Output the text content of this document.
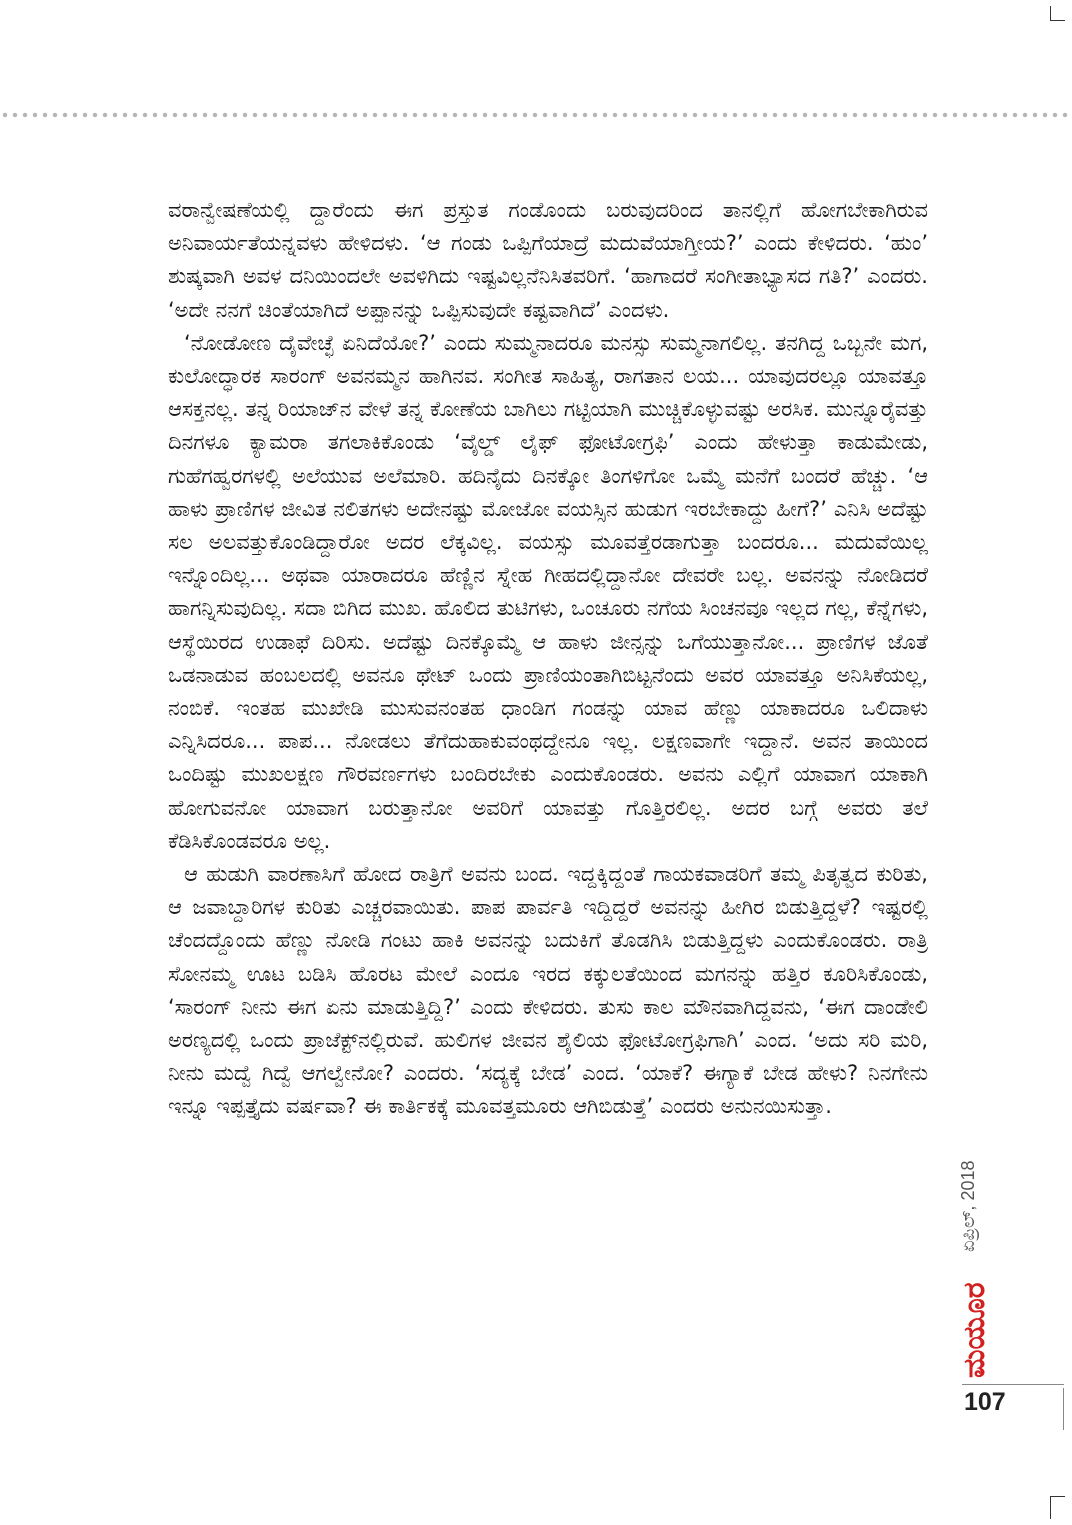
ವರಾನ್ವೇಷಣೆಯಲ್ಲಿ ದ್ದಾರೆಂದು ಈಗ ಪ್ರಸ್ತುತ ಗಂಡೊಂದು ಬರುವುದರಿಂದ ತಾನಲ್ಲಿಗೆ ಹೋಗಬೇಕಾಗಿರುವ ಅನಿವಾರ್ಯತೆಯನ್ನವಳು ಹೇಳಿದಳು. ‘ಆ ಗಂಡು ಒಪ್ಪಿಗೆಯಾದ್ರೆ ಮದುವೆಯಾಗ್ತೀಯ?’ ಎಂದು ಕೇಳಿದರು. ‘ಹುಂ’ ಶುಷ್ಕವಾಗಿ ಅವಳ ದನಿಯಿಂದಲೇ ಅವಳಿಗಿದು ಇಷ್ಟವಿಲ್ಲನೆನಿಸಿತವರಿಗೆ. ‘ಹಾಗಾದರೆ ಸಂಗೀತಾಭ್ಯಾಸದ ಗತಿ?’ ಎಂದರು. ‘ಅದೇ ನನಗೆ ಚಿಂತೆಯಾಗಿದೆ ಅಪ್ಪಾನನ್ನು ಒಪ್ಪಿಸುವುದೇ ಕಷ್ಟವಾಗಿದೆ’ ಎಂದಳು.

‘ನೋಡೋಣ ದೈವೇಚ್ಛೆ ಏನಿದೆಯೋ?’ ಎಂದು ಸುಮ್ಮನಾದರೂ ಮನಸ್ಸು ಸುಮ್ಮನಾಗಲಿಲ್ಲ. ತನಗಿದ್ದ ಒಬ್ಬನೇ ಮಗ, ಕುಲೋದ್ಧಾರಕ ಸಾರಂಗ್ ಅವನಮ್ಮನ ಹಾಗಿನವ. ಸಂಗೀತ ಸಾಹಿತ್ಯ, ರಾಗತಾನ ಲಯ... ಯಾವುದರಲ್ಲೂ ಯಾವತ್ತೂ ಆಸಕ್ತನಲ್ಲ. ತನ್ನ ರಿಯಾಜ್‌ನ ವೇಳೆ ತನ್ನ ಕೋಣೆಯ ಬಾಗಿಲು ಗಟ್ಟಿಯಾಗಿ ಮುಚ್ಚಿಕೊಳ್ಳುವಷ್ಟು ಅರಸಿಕ. ಮುನ್ನೂರೈವತ್ತು ದಿನಗಳೂ ಕ್ಯಾಮರಾ ತಗಲಾಕಿಕೊಂಡು ‘ವೈಲ್ಡ್ ಲೈಫ್ ಫೋಟೋಗ್ರಫಿ’ ಎಂದು ಹೇಳುತ್ತಾ ಕಾಡುಮೇಡು, ಗುಹೆಗಹ್ವರಗಳಲ್ಲಿ ಅಲೆಯುವ ಅಲೆಮಾರಿ. ಹದಿನೈದು ದಿನಕ್ಕೋ ತಿಂಗಳಿಗೋ ಒಮ್ಮೆ ಮನೆಗೆ ಬಂದರೆ ಹೆಚ್ಚು. ‘ಆ ಹಾಳು ಪ್ರಾಣಿಗಳ ಜೀವಿತ ನಲಿತಗಳು ಅದೇನಷ್ಟು ಮೋಜೋ ವಯಸ್ಸಿನ ಹುಡುಗ ಇರಬೇಕಾದ್ದು ಹೀಗೆ?’ ಎನಿಸಿ ಅದೆಷ್ಟು ಸಲ ಅಲವತ್ತುಕೊಂಡಿದ್ದಾರೋ ಅದರ ಲೆಕ್ಕವಿಲ್ಲ. ವಯಸ್ಸು ಮೂವತ್ತೆರಡಾಗುತ್ತಾ ಬಂದರೂ... ಮದುವೆಯಿಲ್ಲ ಇನ್ನೊಂದಿಲ್ಲ... ಅಥವಾ ಯಾರಾದರೂ ಹೆಣ್ಣಿನ ಸ್ನೇಹ ಗೀಹದಲ್ಲಿದ್ದಾನೋ ದೇವರೇ ಬಲ್ಲ. ಅವನನ್ನು ನೋಡಿದರೆ ಹಾಗನ್ನಿಸುವುದಿಲ್ಲ. ಸದಾ ಬಿಗಿದ ಮುಖ. ಹೊಲಿದ ತುಟಿಗಳು, ಒಂಚೂರು ನಗೆಯ ಸಿಂಚನವೂ ಇಲ್ಲದ ಗಲ್ಲ, ಕೆನ್ನೆಗಳು, ಆಸ್ಥೆಯಿರದ ಉಡಾಫೆ ದಿರಿಸು. ಅದೆಷ್ಟು ದಿನಕ್ಕೊಮ್ಮೆ ಆ ಹಾಳು ಜೀನ್ಸನ್ನು ಒಗೆಯುತ್ತಾನೋ... ಪ್ರಾಣಿಗಳ ಜೊತೆ ಒಡನಾಡುವ ಹಂಬಲದಲ್ಲಿ ಅವನೂ ಥೇಟ್ ಒಂದು ಪ್ರಾಣಿಯಂತಾಗಿಬಿಟ್ಟನೆಂದು ಅವರ ಯಾವತ್ತೂ ಅನಿಸಿಕೆಯಲ್ಲ, ನಂಬಿಕೆ. ಇಂತಹ ಮುಖೇಡಿ ಮುಸುವನಂತಹ ಧಾಂಡಿಗ ಗಂಡನ್ನು ಯಾವ ಹೆಣ್ಣು ಯಾಕಾದರೂ ಒಲಿದಾಳು ಎನ್ನಿಸಿದರೂ... ಪಾಪ... ನೋಡಲು ತೆಗೆದುಹಾಕುವಂಥದ್ದೇನೂ ಇಲ್ಲ. ಲಕ್ಷಣವಾಗೇ ಇದ್ದಾನೆ. ಅವನ ತಾಯಿಂದ ಒಂದಿಷ್ಟು ಮುಖಲಕ್ಷಣ ಗೌರವರ್ಣಗಳು ಬಂದಿರಬೇಕು ಎಂದುಕೊಂಡರು. ಅವನು ಎಲ್ಲಿಗೆ ಯಾವಾಗ ಯಾಕಾಗಿ ಹೋಗುವನೋ ಯಾವಾಗ ಬರುತ್ತಾನೋ ಅವರಿಗೆ ಯಾವತ್ತು ಗೊತ್ತಿರಲಿಲ್ಲ. ಅದರ ಬಗ್ಗೆ ಅವರು ತಲೆ ಕೆಡಿಸಿಕೊಂಡವರೂ ಅಲ್ಲ.

ಆ ಹುಡುಗಿ ವಾರಣಾಸಿಗೆ ಹೋದ ರಾತ್ರಿಗೆ ಅವನು ಬಂದ. ಇದ್ದಕ್ಕಿದ್ದಂತೆ ಗಾಯಕವಾಡರಿಗೆ ತಮ್ಮ ಪಿತೃತ್ವದ ಕುರಿತು, ಆ ಜವಾಬ್ದಾರಿಗಳ ಕುರಿತು ಎಚ್ಚರವಾಯಿತು. ಪಾಪ ಪಾರ್ವತಿ ಇದ್ದಿದ್ದರೆ ಅವನನ್ನು ಹೀಗಿರ ಬಿಡುತ್ತಿದ್ದಳೆ? ಇಷ್ಟರಲ್ಲಿ ಚೆಂದದ್ದೊಂದು ಹೆಣ್ಣು ನೋಡಿ ಗಂಟು ಹಾಕಿ ಅವನನ್ನು ಬದುಕಿಗೆ ತೊಡಗಿಸಿ ಬಿಡುತ್ತಿದ್ದಳು ಎಂದುಕೊಂಡರು. ರಾತ್ರಿ ಸೋನಮ್ಮ ಊಟ ಬಡಿಸಿ ಹೊರಟ ಮೇಲೆ ಎಂದೂ ಇರದ ಕಕ್ಕುಲತೆಯಿಂದ ಮಗನನ್ನು ಹತ್ತಿರ ಕೂರಿಸಿಕೊಂಡು, ‘ಸಾರಂಗ್ ನೀನು ಈಗ ಏನು ಮಾಡುತ್ತಿದ್ದಿ?’ ಎಂದು ಕೇಳಿದರು. ತುಸು ಕಾಲ ಮೌನವಾಗಿದ್ದವನು, ‘ಈಗ ದಾಂಡೇಲಿ ಅರಣ್ಯದಲ್ಲಿ ಒಂದು ಪ್ರಾಜೆಕ್ಟ್‌ನಲ್ಲಿರುವೆ. ಹುಲಿಗಳ ಜೀವನ ಶೈಲಿಯ ಫೋಟೋಗ್ರಫಿಗಾಗಿ’ ಎಂದ. ‘ಅದು ಸರಿ ಮರಿ, ನೀನು ಮದ್ವೆ ಗಿದ್ವೆ ಆಗಲ್ವೇನೋ? ಎಂದರು. ‘ಸದ್ಯಕ್ಕೆ ಬೇಡ’ ಎಂದ. ‘ಯಾಕೆ? ಈಗ್ಯಾಕೆ ಬೇಡ ಹೇಳು? ನಿನಗೇನು ಇನ್ನೂ ಇಪ್ಪತ್ತೈದು ವರ್ಷವಾ? ಈ ಕಾರ್ತಿಕಕ್ಕೆ ಮೂವತ್ತಮೂರು ಆಗಿಬಿಡುತ್ತೆ’ ಎಂದರು ಅನುನಯಿಸುತ್ತಾ.

ಏಪ್ರಿಲ್, 2018
ಮಯೂರ
107
